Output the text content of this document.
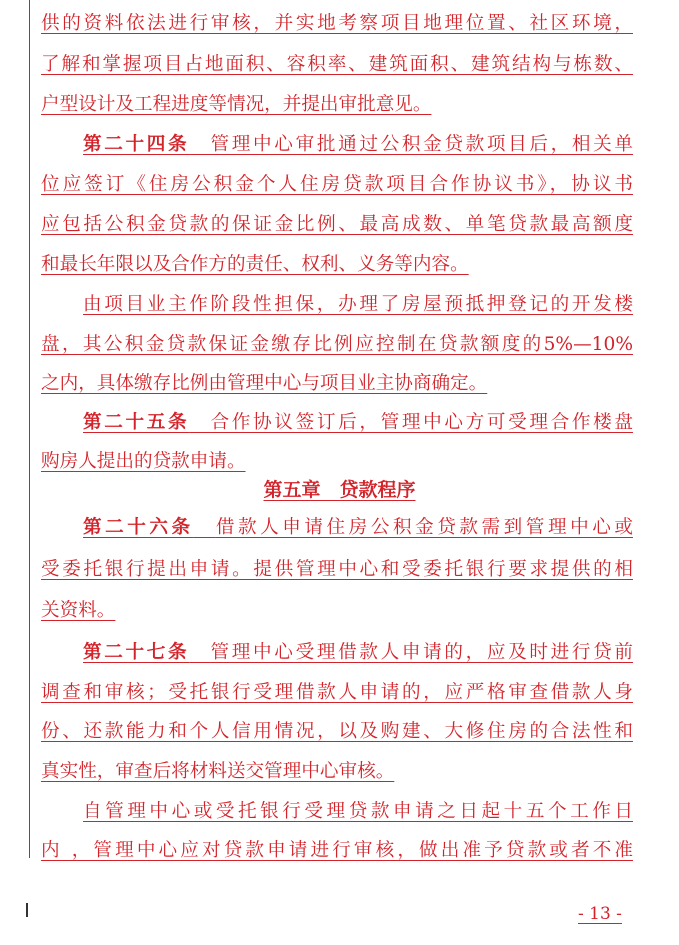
供的资料依法进行审核，并实地考察项目地理位置、社区环境，
了解和掌握项目占地面积、容积率、建筑面积、建筑结构与栋数、
户型设计及工程进度等情况，并提出审批意见。
第二十四条　 管理中心审批通过公积金贷款项目后，相关单
位应签订《住房公积金个人住房贷款项目合作协议书》，协议书
应包括公积金贷款的保证金比例、最高成数、单笔贷款最高额度
和最长年限以及合作方的责任、权利、义务等内容。
由项目业主作阶段性担保，办理了房屋预抵押登记的开发楼
盘，其公积金贷款保证金缴存比例应控制在贷款额度的5%—10%
之内，具体缴存比例由管理中心与项目业主协商确定。
第二十五条　 合作协议签订后，管理中心方可受理合作楼盘
购房人提出的贷款申请。
第五章　贷款程序
第二十六条　 借款人申请住房公积金贷款需到管理中心或
受委托银行提出申请。提供管理中心和受委托银行要求提供的相
关资料。
第二十七条　 管理中心受理借款人申请的，应及时进行贷前
调查和审核；受托银行受理借款人申请的，应严格审查借款人身
份、还款能力和个人信用情况，以及购建、大修住房的合法性和
真实性，审查后将材料送交管理中心审核。
自管理中心或受托银行受理贷款申请之日起十五个工作日
内 ，管理中心应对贷款申请进行审核，做出准予贷款或者不准
- 13 -
